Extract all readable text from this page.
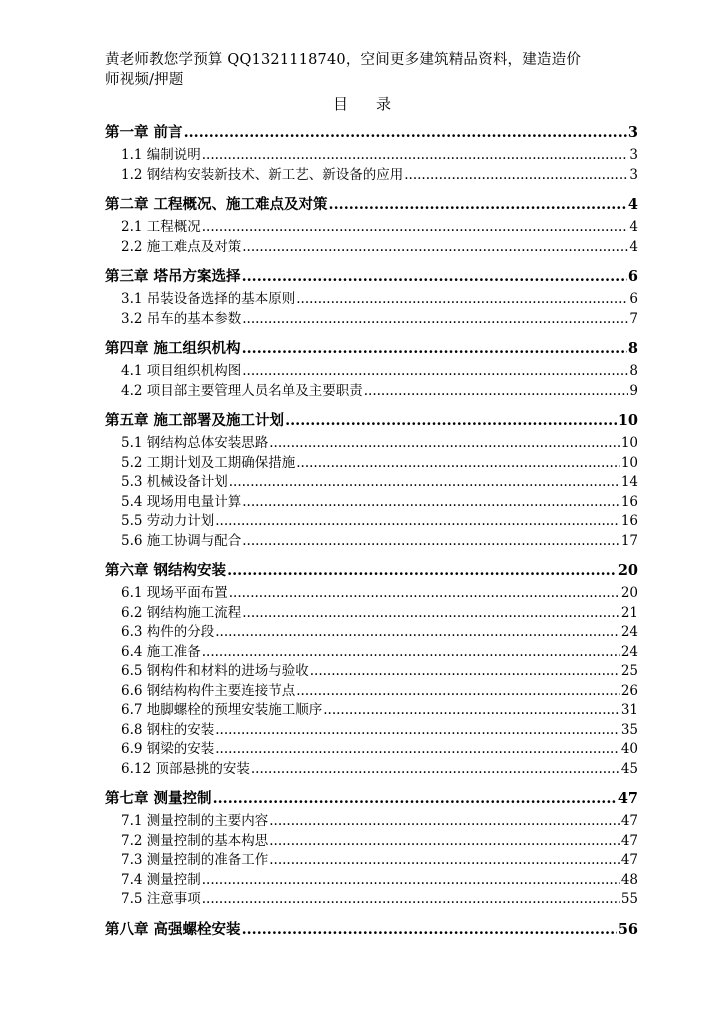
黄老师教您学预算 QQ1321118740，空间更多建筑精品资料，建造造价
师视频/押题
目录
第一章 前言 .....	3
1.1 编制说明 .....	3
1.2 钢结构安装新技术、新工艺、新设备的应用 .....	3
第二章 工程概况、施工难点及对策 .....	4
2.1 工程概况 .....	4
2.2 施工难点及对策 .....	4
第三章 塔吊方案选择 .....	6
3.1 吊装设备选择的基本原则 .....	6
3.2 吊车的基本参数 .....	7
第四章 施工组织机构 .....	8
4.1 项目组织机构图 .....	8
4.2 项目部主要管理人员名单及主要职责 .....	9
第五章 施工部署及施工计划 .....	10
5.1 钢结构总体安装思路 .....	10
5.2 工期计划及工期确保措施 .....	10
5.3 机械设备计划 .....	14
5.4 现场用电量计算 .....	16
5.5 劳动力计划 .....	16
5.6 施工协调与配合 .....	17
第六章 钢结构安装 .....	20
6.1 现场平面布置 .....	20
6.2 钢结构施工流程 .....	21
6.3 构件的分段 .....	24
6.4 施工准备 .....	24
6.5 钢构件和材料的进场与验收 .....	25
6.6 钢结构构件主要连接节点 .....	26
6.7 地脚螺栓的预埋安装施工顺序 .....	31
6.8 钢柱的安装 .....	35
6.9 钢梁的安装 .....	40
6.12 顶部悬挑的安装 .....	45
第七章 测量控制 .....	47
7.1 测量控制的主要内容 .....	47
7.2 测量控制的基本构思 .....	47
7.3 测量控制的准备工作 .....	47
7.4 测量控制 .....	48
7.5 注意事项 .....	55
第八章 高强螺栓安装 .....	56
